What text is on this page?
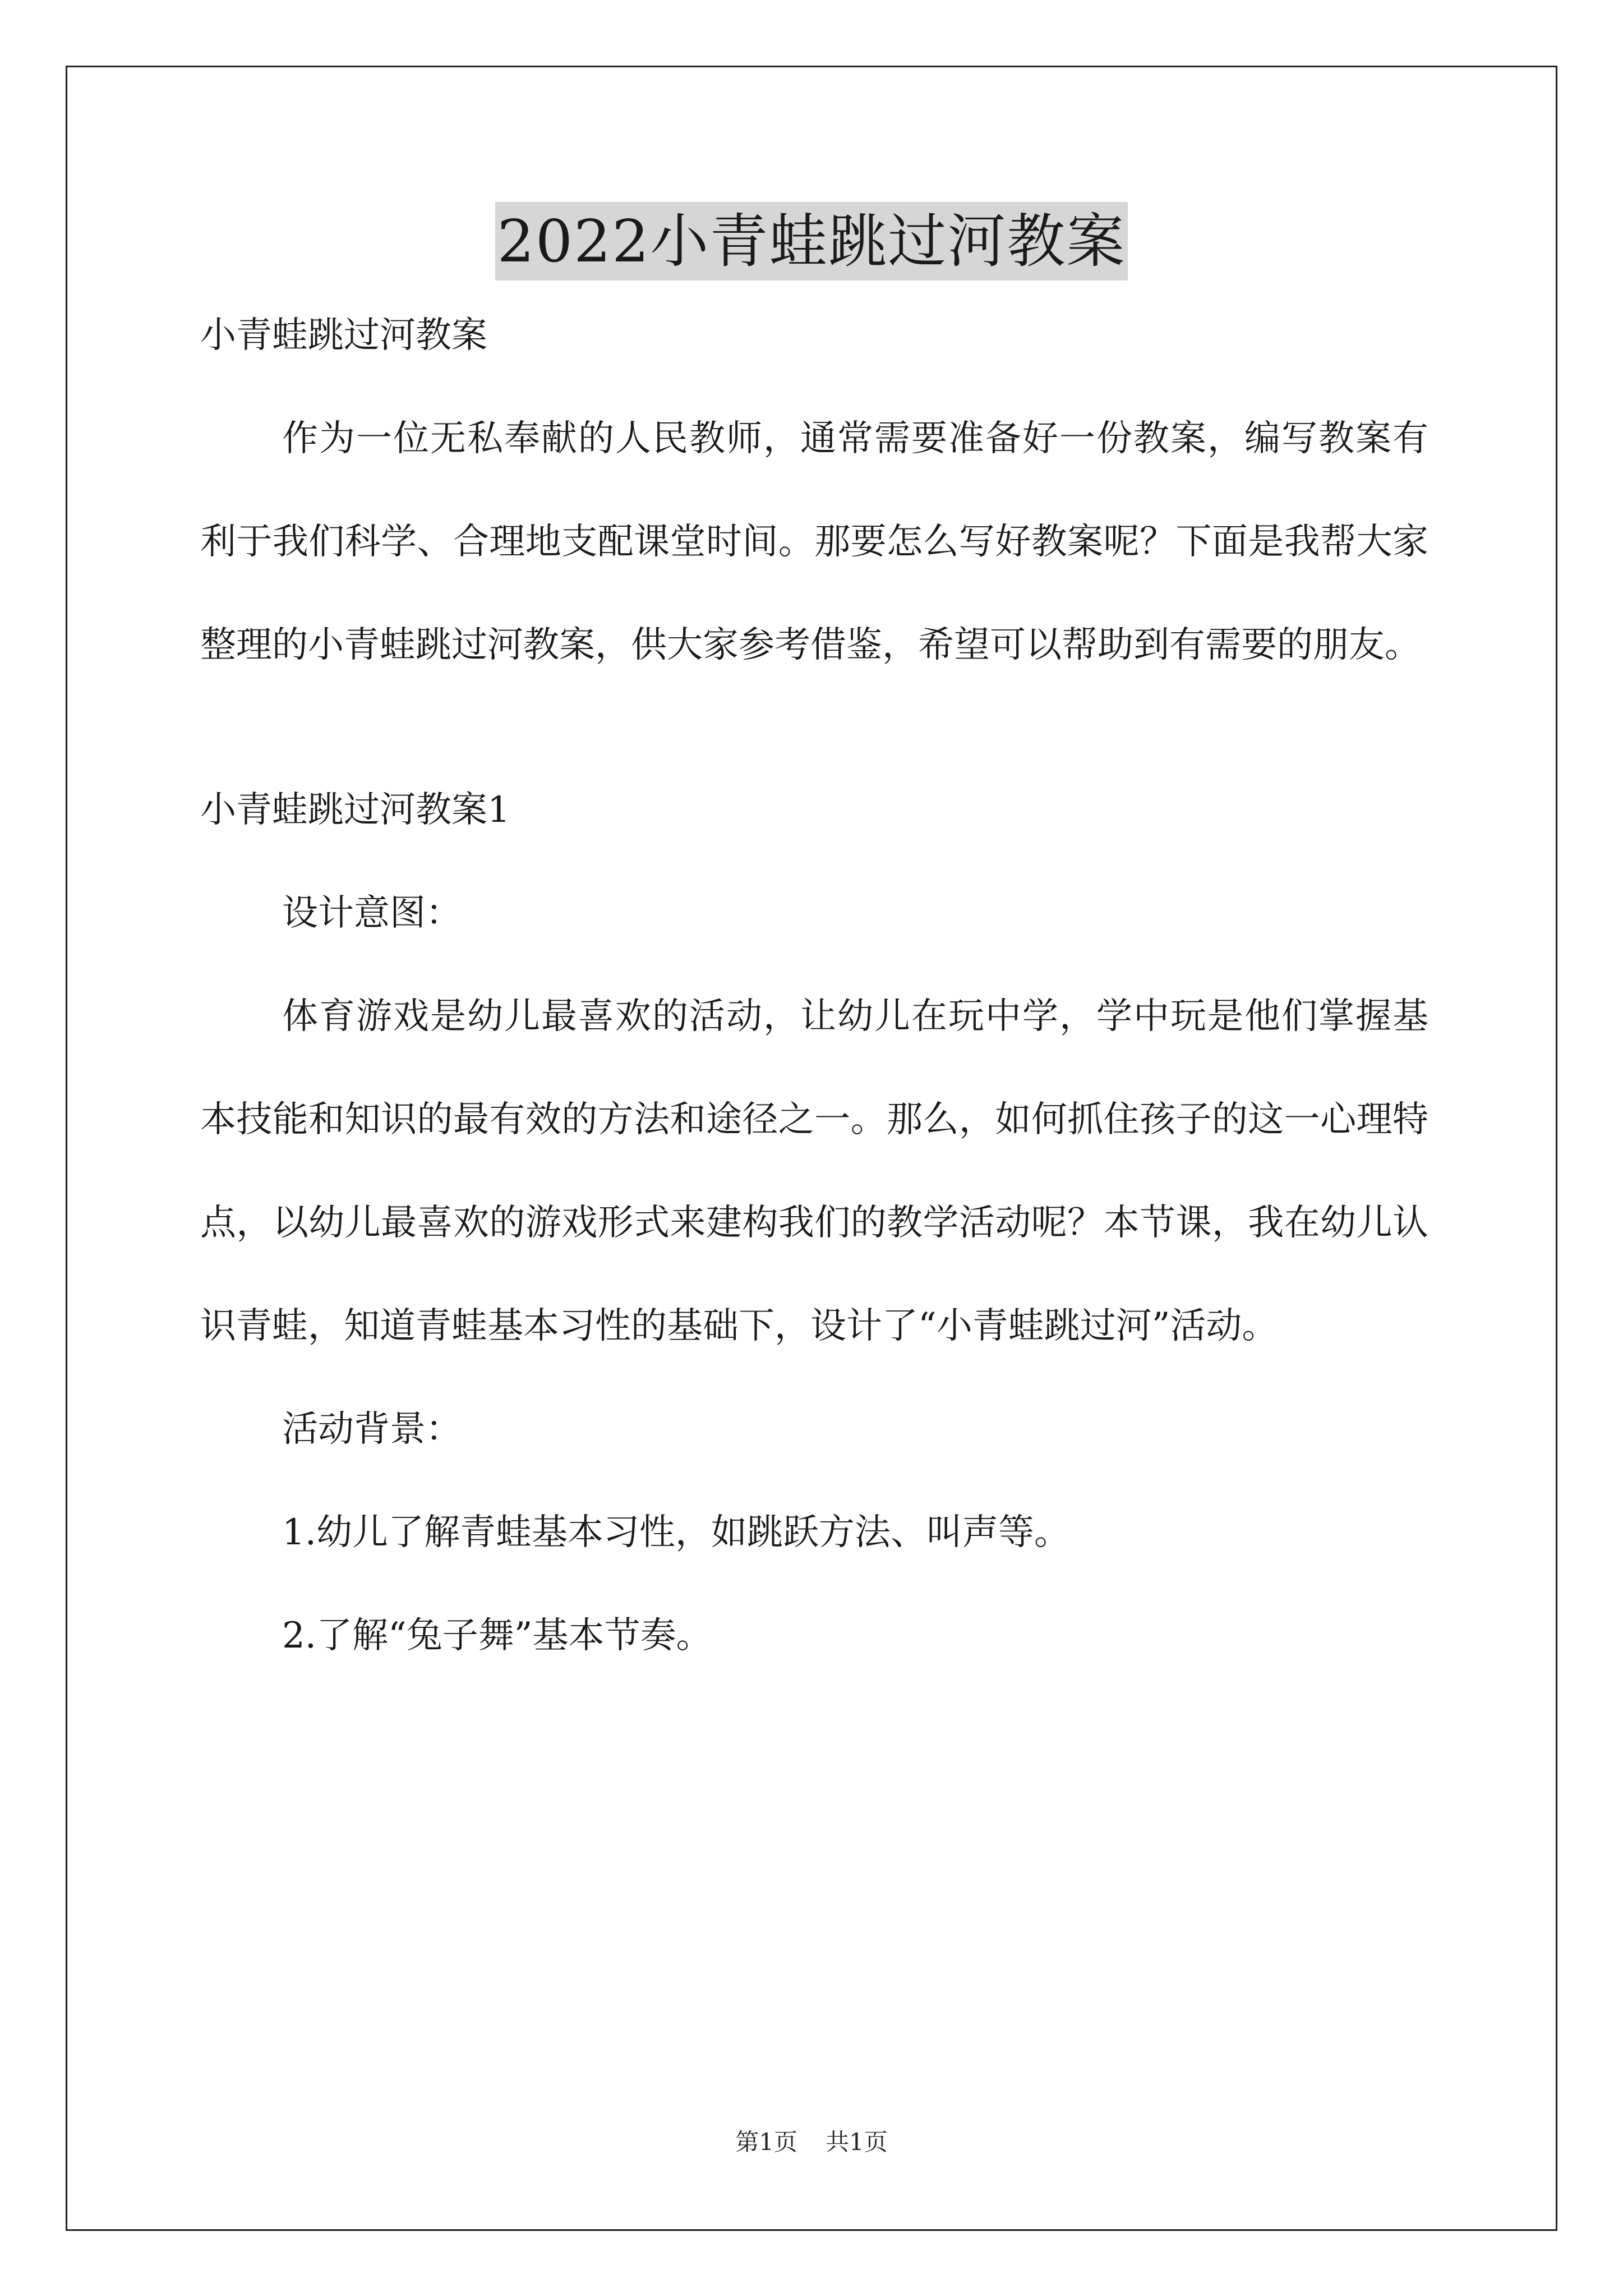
2022小青蛙跳过河教案
小青蛙跳过河教案
作为一位无私奉献的人民教师，通常需要准备好一份教案，编写教案有利于我们科学、合理地支配课堂时间。那要怎么写好教案呢？下面是我帮大家整理的小青蛙跳过河教案，供大家参考借鉴，希望可以帮助到有需要的朋友。
小青蛙跳过河教案1
设计意图：
体育游戏是幼儿最喜欢的活动，让幼儿在玩中学，学中玩是他们掌握基本技能和知识的最有效的方法和途径之一。那么，如何抓住孩子的这一心理特点，以幼儿最喜欢的游戏形式来建构我们的教学活动呢？本节课，我在幼儿认识青蛙，知道青蛙基本习性的基础下，设计了“小青蛙跳过河”活动。
活动背景：
1.幼儿了解青蛙基本习性，如跳跃方法、叫声等。
2.了解“兔子舞”基本节奏。
第1页 共1页
